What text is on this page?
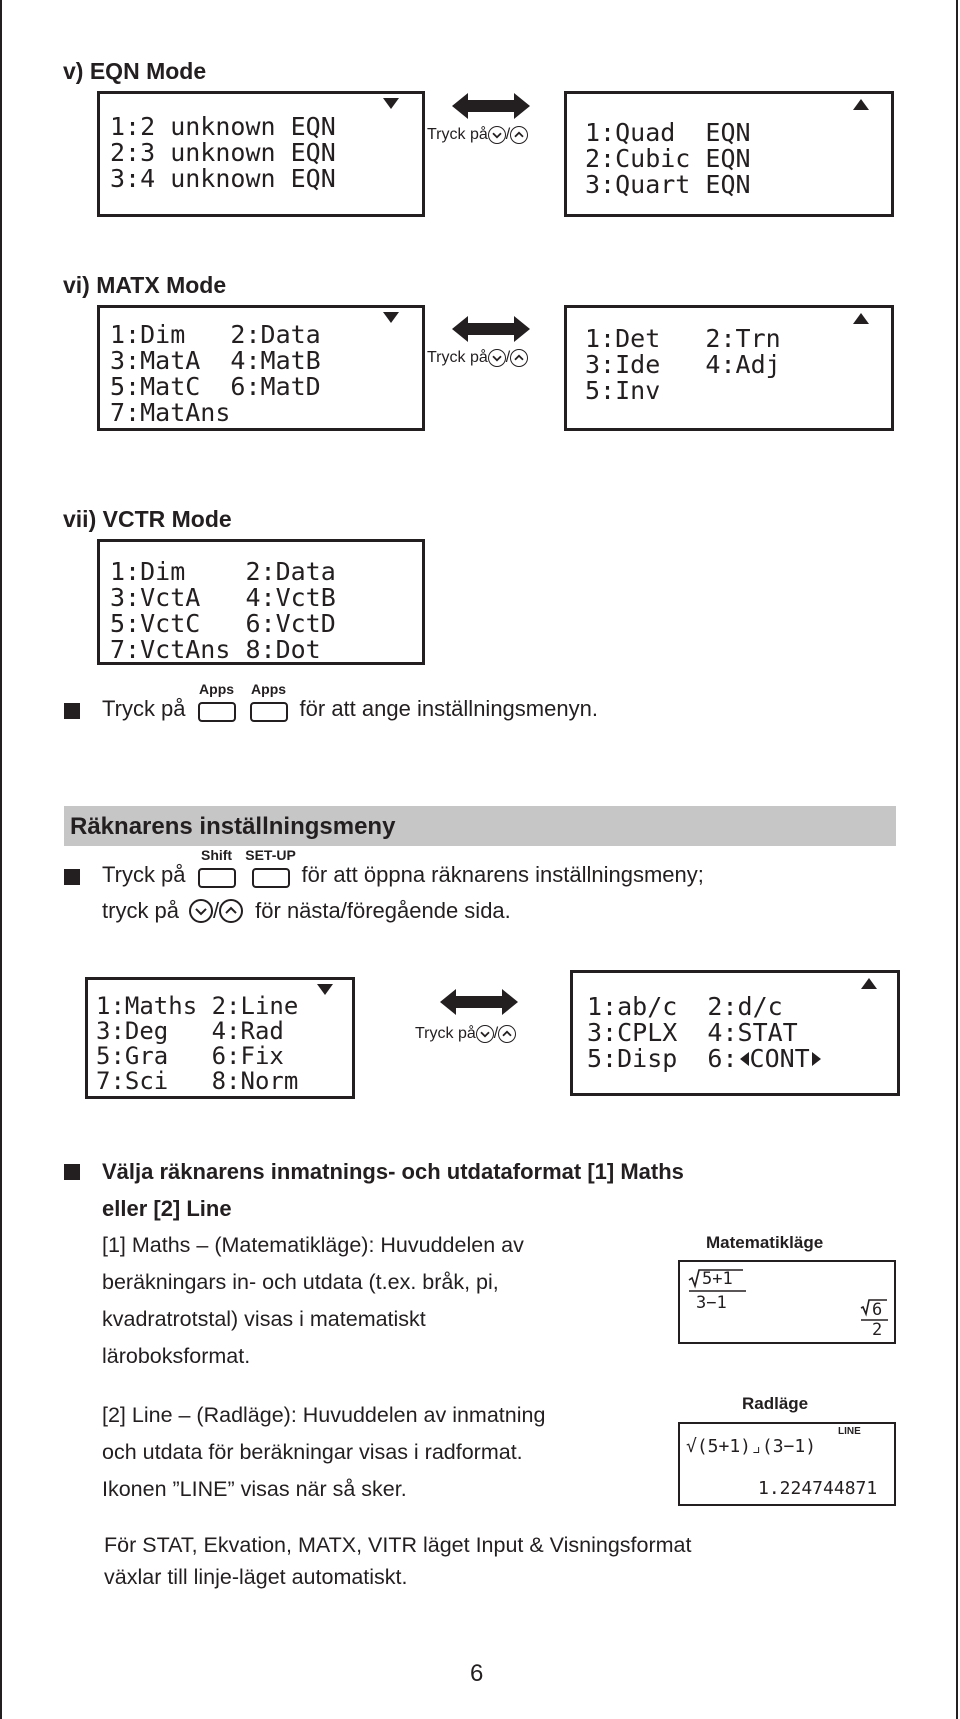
v) EQN Mode
1:2 unknown EQN
2:3 unknown EQN
3:4 unknown EQN
Tryck på /	1:Quad  EQN
2:Cubic EQN
3:Quart EQN
vi) MATX Mode
1:Dim   2:Data
3:MatA  4:MatB
5:MatC  6:MatD
7:MatAns
Tryck på /
1:Det   2:Trn
3:Ide   4:Adj
5:Inv
vii) VCTR Mode
1:Dim    2:Data
3:VctA   4:VctB
5:VctC   6:VctD
7:VctAns 8:Dot
Tryck på
Apps Apps
för att ange inställningsmenyn.
Räknarens inställningsmeny
Tryck på
Shift SET-UP
för att öppna räknarens inställningsmeny;
tryck på / för nästa/föregående sida.
1:Maths 2:Line
3:Deg   4:Rad
5:Gra   6:Fix
7:Sci   8:Norm
Tryck på /
1:ab/c  2:d/c
3:CPLX  4:STAT
5:Disp  6: CONT
Välja räknarens inmatnings- och utdataformat [1] Maths
eller [2] Line
[1] Maths – (Matematikläge): Huvuddelen av
beräkningars in- och utdata (t.ex. bråk, pi,
kvadratrotstal) visas i matematiskt
läroboksformat.
[2] Line – (Radläge): Huvuddelen av inmatning
och utdata för beräkningar visas i radformat.
Ikonen ”LINE” visas när så sker.
Matematikläge
5+1
3−1	6
2
Radläge
√(5+1)⌟(3−1)
LINE
1.224744871
För STAT, Ekvation, MATX, VITR läget Input & Visningsformat
växlar till linje-läget automatiskt.
6
